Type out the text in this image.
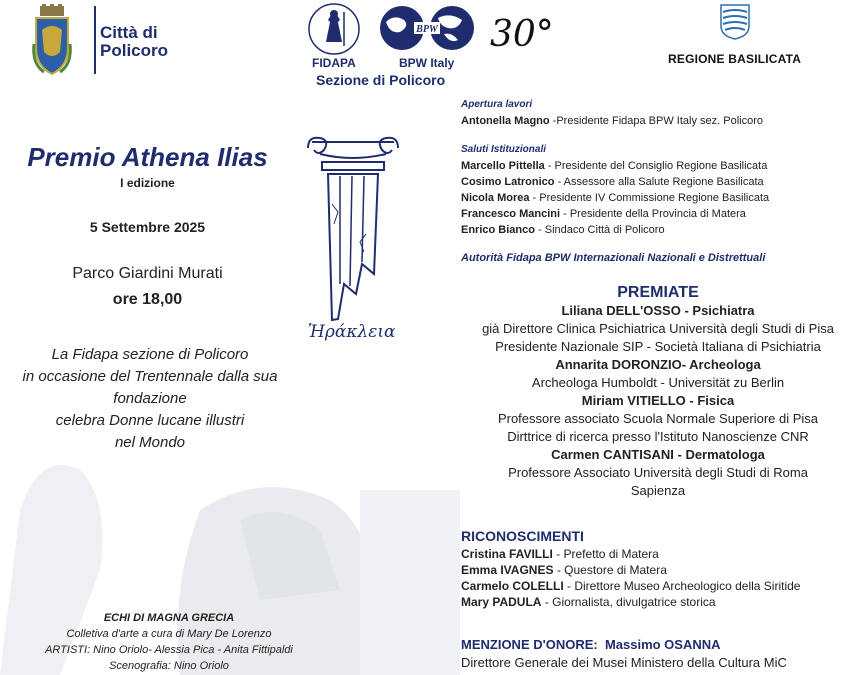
Città di
Policoro
BPW 30°
FIDAPA	BPW Italy
Sezione di Policoro
REGIONE BASILICATA
Premio Athena Ilias
I edizione
5 Settembre 2025
Parco Giardini Murati
ore 18,00
Ἡράκλεια
La Fidapa sezione di Policoro
in occasione del Trentennale dalla sua
fondazione
celebra Donne lucane illustri
nel Mondo
ECHI DI MAGNA GRECIA
Colletiva d'arte a cura di Mary De Lorenzo
ARTISTI: Nino Oriolo- Alessia Pica - Anita Fittipaldi
Scenografia: Nino Oriolo
Apertura lavori
Antonella Magno -Presidente Fidapa BPW Italy sez. Policoro
Saluti Istituzionali
Marcello Pittella - Presidente del Consiglio Regione Basilicata
Cosimo Latronico - Assessore alla Salute Regione Basilicata
Nicola Morea - Presidente IV Commissione Regione Basilicata
Francesco Mancini - Presidente della Provincia di Matera
Enrico Bianco - Sindaco Città di Policoro
Autorità Fidapa BPW Internazionali Nazionali e Distrettuali
PREMIATE
Liliana DELL'OSSO - Psichiatra
già Direttore Clinica Psichiatrica Università degli Studi di Pisa
Presidente Nazionale SIP - Società Italiana di Psichiatria
Annarita DORONZIO- Archeologa
Archeologa Humboldt - Universität zu Berlin
Miriam VITIELLO - Fisica
Professore associato Scuola Normale Superiore di Pisa
Dirttrice di ricerca presso l'Istituto Nanoscienze CNR
Carmen CANTISANI - Dermatologa
Professore Associato Università degli Studi di Roma
Sapienza
RICONOSCIMENTI
Cristina FAVILLI - Prefetto di Matera
Emma IVAGNES - Questore di Matera
Carmelo COLELLI - Direttore Museo Archeologico della Siritide
Mary PADULA - Giornalista, divulgatrice storica
MENZIONE D'ONORE: Massimo OSANNA
Direttore Generale dei Musei Ministero della Cultura MiC
